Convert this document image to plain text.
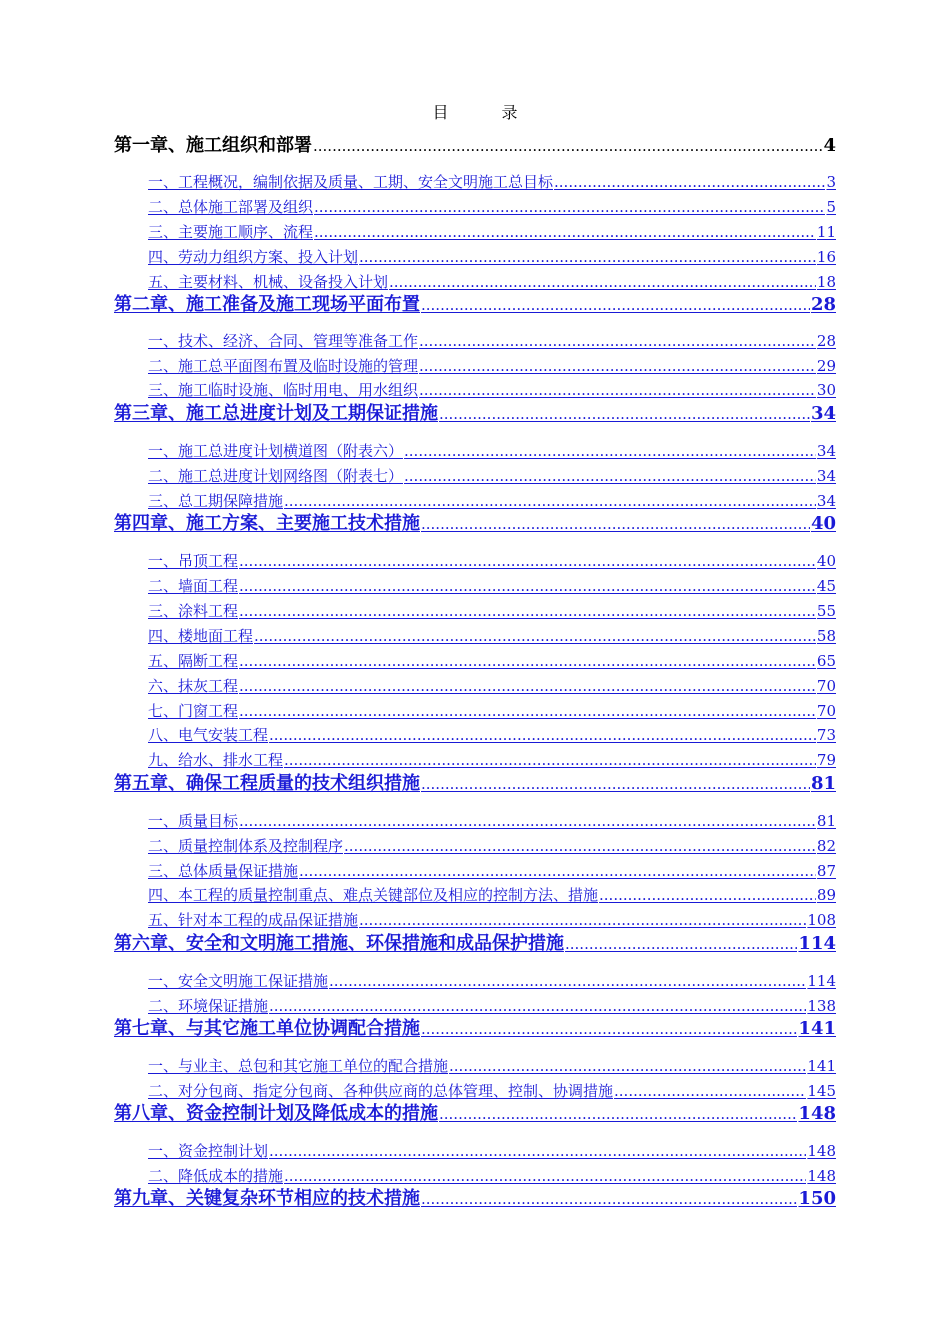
目 录
第一章、施工组织和部署 .....	4
一、工程概况，编制依据及质量、工期、安全文明施工总目标 .....	3
二、总体施工部署及组织 .....	5
三、主要施工顺序、流程 .....	11
四、劳动力组织方案、投入计划 .....	16
五、主要材料、机械、设备投入计划 .....	18
第二章、施工准备及施工现场平面布置 .....	28
一、技术、经济、合同、管理等准备工作 .....	28
二、施工总平面图布置及临时设施的管理 .....	29
三、施工临时设施、临时用电、用水组织 .....	30
第三章、施工总进度计划及工期保证措施 .....	34
一、施工总进度计划横道图（附表六） .....	34
二、施工总进度计划网络图（附表七） .....	34
三、总工期保障措施 .....	34
第四章、施工方案、主要施工技术措施 .....	40
一、吊顶工程 .....	40
二、墙面工程 .....	45
三、涂料工程 .....	55
四、楼地面工程 .....	58
五、隔断工程 .....	65
六、抹灰工程 .....	70
七、门窗工程 .....	70
八、电气安装工程 .....	73
九、给水、排水工程 .....	79
第五章、确保工程质量的技术组织措施 .....	81
一、质量目标 .....	81
二、质量控制体系及控制程序 .....	82
三、总体质量保证措施 .....	87
四、本工程的质量控制重点、难点关键部位及相应的控制方法、措施 .....	89
五、针对本工程的成品保证措施 .....	108
第六章、安全和文明施工措施、环保措施和成品保护措施 .....	114
一、安全文明施工保证措施 .....	114
二、环境保证措施 .....	138
第七章、与其它施工单位协调配合措施 .....	141
一、与业主、总包和其它施工单位的配合措施 .....	141
二、对分包商、指定分包商、各种供应商的总体管理、控制、协调措施 .....	145
第八章、资金控制计划及降低成本的措施 .....	148
一、资金控制计划 .....	148
二、降低成本的措施 .....	148
第九章、关键复杂环节相应的技术措施 .....	150
